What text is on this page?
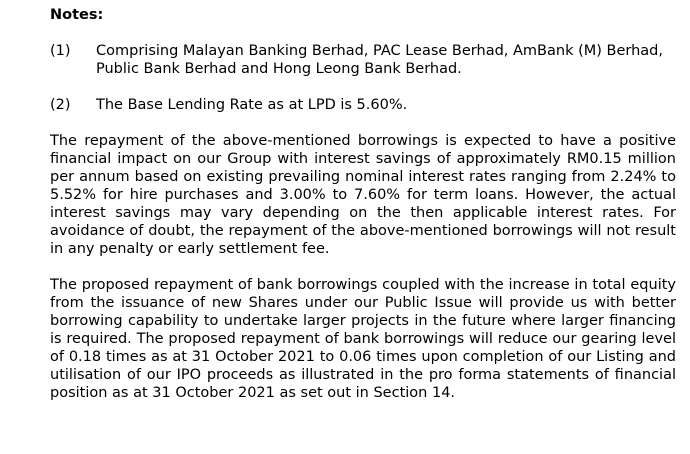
Notes:
(1)	Comprising Malayan Banking Berhad, PAC Lease Berhad, AmBank (M) Berhad, Public Bank Berhad and Hong Leong Bank Berhad.
(2)	The Base Lending Rate as at LPD is 5.60%.

The repayment of the above-mentioned borrowings is expected to have a positive financial impact on our Group with interest savings of approximately RM0.15 million per annum based on existing prevailing nominal interest rates ranging from 2.24% to 5.52% for hire purchases and 3.00% to 7.60% for term loans. However, the actual interest savings may vary depending on the then applicable interest rates. For avoidance of doubt, the repayment of the above-mentioned borrowings will not result in any penalty or early settlement fee.

The proposed repayment of bank borrowings coupled with the increase in total equity from the issuance of new Shares under our Public Issue will provide us with better borrowing capability to undertake larger projects in the future where larger financing is required. The proposed repayment of bank borrowings will reduce our gearing level of 0.18 times as at 31 October 2021 to 0.06 times upon completion of our Listing and utilisation of our IPO proceeds as illustrated in the pro forma statements of financial position as at 31 October 2021 as set out in Section 14.
